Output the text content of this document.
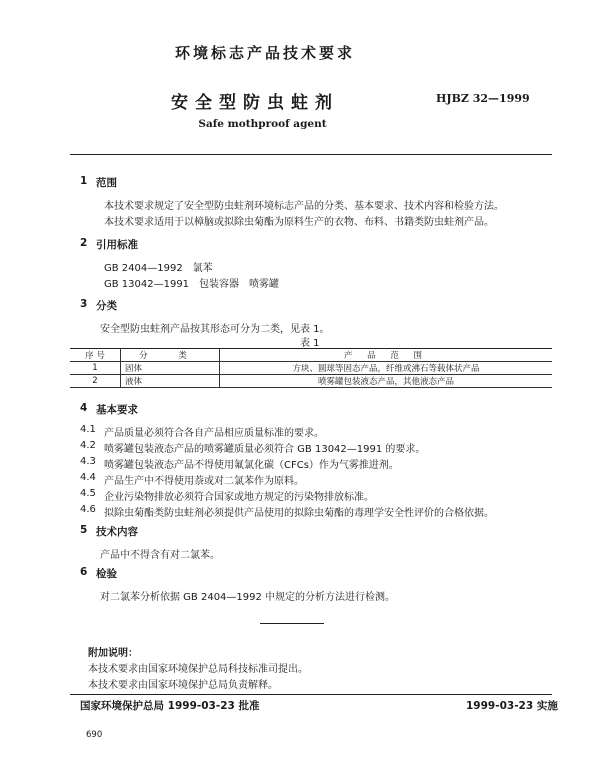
环境标志产品技术要求
安全型防虫蛀剂	HJBZ 32—1999
Safe mothproof agent
1 范围
本技术要求规定了安全型防虫蛀剂环境标志产品的分类、基本要求、技术内容和检验方法。
本技术要求适用于以樟脑或拟除虫菊酯为原料生产的衣物、布料、书籍类防虫蛀剂产品。
2 引用标准
GB 2404—1992　氯苯
GB 13042—1991　包装容器　喷雾罐
3 分类
安全型防虫蛀剂产品按其形态可分为二类，见表 1。
表 1
序 号	分 类	产 品 范 围
1	固体	方块、圆球等固态产品，纤维或沸石等载体状产品
2	液体	喷雾罐包装液态产品，其他液态产品
4 基本要求
4.1 产品质量必须符合各自产品相应质量标准的要求。
4.2 喷雾罐包装液态产品的喷雾罐质量必须符合 GB 13042—1991 的要求。
4.3 喷雾罐包装液态产品不得使用氟氯化碳（CFCs）作为气雾推进剂。
4.4 产品生产中不得使用萘或对二氯苯作为原料。
4.5 企业污染物排放必须符合国家或地方规定的污染物排放标准。
4.6 拟除虫菊酯类防虫蛀剂必须提供产品使用的拟除虫菊酯的毒理学安全性评价的合格依据。
5 技术内容
产品中不得含有对二氯苯。
6 检验
对二氯苯分析依据 GB 2404—1992 中规定的分析方法进行检测。
附加说明：
本技术要求由国家环境保护总局科技标准司提出。
本技术要求由国家环境保护总局负责解释。
国家环境保护总局 1999-03-23 批准	1999-03-23 实施
690
